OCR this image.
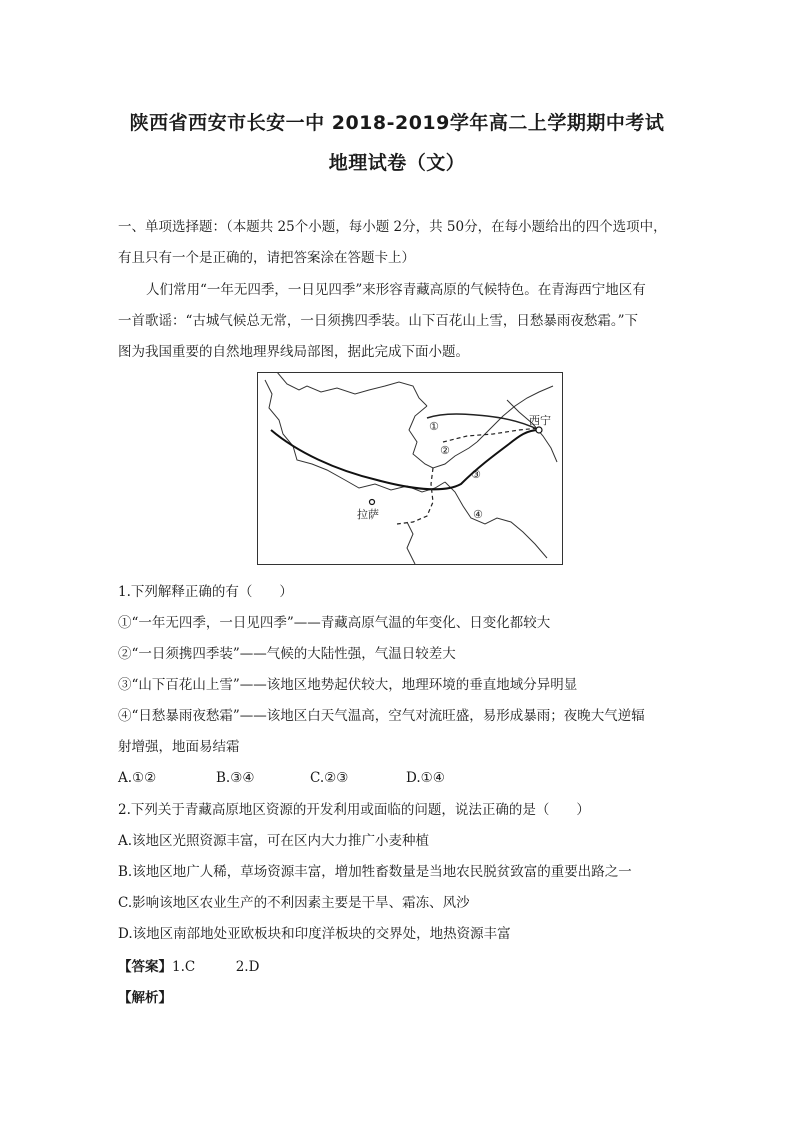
陕西省西安市长安一中 2018-2019学年高二上学期期中考试
地理试卷（文）
一、单项选择题：（本题共 25个小题，每小题 2分，共 50分，在每小题给出的四个选项中，
有且只有一个是正确的，请把答案涂在答题卡上）
人们常用“一年无四季，一日见四季”来形容青藏高原的气候特色。在青海西宁地区有
一首歌谣：“古城气候总无常，一日须携四季装。山下百花山上雪，日愁暴雨夜愁霜。”下
图为我国重要的自然地理界线局部图，据此完成下面小题。
西宁
拉萨
①
②
③
④
1.下列解释正确的有（　　）
①“一年无四季，一日见四季”——青藏高原气温的年变化、日变化都较大
②“一日须携四季装”——气候的大陆性强，气温日较差大
③“山下百花山上雪”——该地区地势起伏较大，地理环境的垂直地域分异明显
④“日愁暴雨夜愁霜”——该地区白天气温高，空气对流旺盛，易形成暴雨；夜晚大气逆辐
射增强，地面易结霜
A.①②	B.③④	C.②③	D.①④
2.下列关于青藏高原地区资源的开发利用或面临的问题，说法正确的是（　　）
A.该地区光照资源丰富，可在区内大力推广小麦种植
B.该地区地广人稀，草场资源丰富，增加牲畜数量是当地农民脱贫致富的重要出路之一
C.影响该地区农业生产的不利因素主要是干旱、霜冻、风沙
D.该地区南部地处亚欧板块和印度洋板块的交界处，地热资源丰富
【答案】1.C　　　2.D
【解析】
